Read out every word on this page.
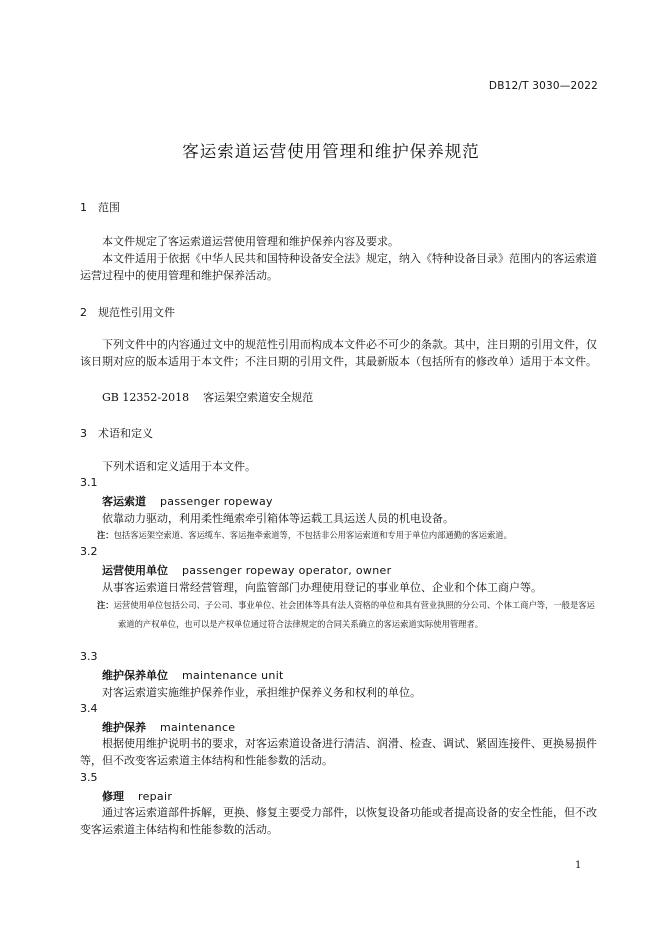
DB12/T 3030—2022
客运索道运营使用管理和维护保养规范
1 范围

本文件规定了客运索道运营使用管理和维护保养内容及要求。

本文件适用于依据《中华人民共和国特种设备安全法》规定，纳入《特种设备目录》范围内的客运索道运营过程中的使用管理和维护保养活动。

2 规范性引用文件

下列文件中的内容通过文中的规范性引用而构成本文件必不可少的条款。其中，注日期的引用文件，仅该日期对应的版本适用于本文件；不注日期的引用文件，其最新版本（包括所有的修改单）适用于本文件。

GB 12352-2018 客运架空索道安全规范
3 术语和定义
下列术语和定义适用于本文件。
3.1
客运索道 passenger ropeway
依靠动力驱动，利用柔性绳索牵引箱体等运载工具运送人员的机电设备。

注：包括客运架空索道、客运缆车、客运拖牵索道等，不包括非公用客运索道和专用于单位内部通勤的客运索道。

3.2
运营使用单位 passenger ropeway operator, owner
从事客运索道日常经营管理，向监管部门办理使用登记的事业单位、企业和个体工商户等。

注：运营使用单位包括公司、子公司、事业单位、社会团体等具有法人资格的单位和具有营业执照的分公司、个体工商户等，一般是客运索道的产权单位，也可以是产权单位通过符合法律规定的合同关系确立的客运索道实际使用管理者。

3.3
维护保养单位 maintenance unit
对客运索道实施维护保养作业，承担维护保养义务和权利的单位。
3.4
维护保养 maintenance

根据使用维护说明书的要求，对客运索道设备进行清洁、润滑、检查、调试、紧固连接件、更换易损件等，但不改变客运索道主体结构和性能参数的活动。

3.5
修理 repair

通过客运索道部件拆解，更换、修复主要受力部件，以恢复设备功能或者提高设备的安全性能，但不改变客运索道主体结构和性能参数的活动。

1
